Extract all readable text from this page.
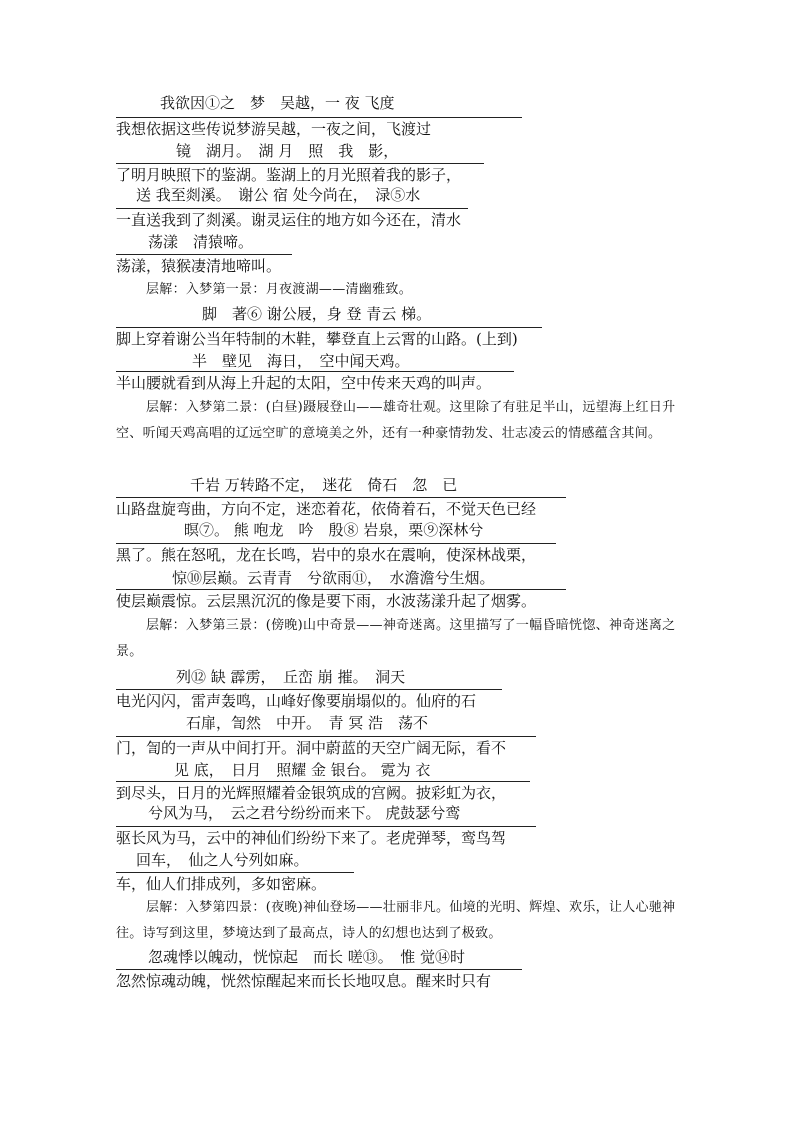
我欲因①之　梦　吴越，一 夜 飞度
我想依据这些传说梦游吴越，一夜之间，飞渡过
镜　湖月。　湖 月　照　我　影，
了明月映照下的鉴湖。鉴湖上的月光照着我的影子，
送 我至剡溪。　谢公 宿 处今尚在，　渌⑤水
一直送我到了剡溪。谢灵运住的地方如今还在，清水
荡漾　清猿啼。
荡漾，猿猴凄清地啼叫。
层解：入梦第一景：月夜渡湖——清幽雅致。
脚　著⑥ 谢公屐，身 登 青云 梯。
脚上穿着谢公当年特制的木鞋，攀登直上云霄的山路。(上到)
半　壁见　海日，　空中闻天鸡。
半山腰就看到从海上升起的太阳，空中传来天鸡的叫声。
层解：入梦第二景：(白昼)蹑屐登山——雄奇壮观。这里除了有驻足半山，远望海上红日升空、听闻天鸡高唱的辽远空旷的意境美之外，还有一种豪情勃发、壮志凌云的情感蕴含其间。
千岩 万转路不定，　迷花　倚石　忽　已
山路盘旋弯曲，方向不定，迷恋着花，依倚着石，不觉天色已经
暝⑦。 熊 咆龙　吟　殷⑧ 岩泉，栗⑨深林兮
黑了。熊在怒吼，龙在长鸣，岩中的泉水在震响，使深林战栗，
惊⑩层巅。云青青　兮欲雨⑪，　水澹澹兮生烟。
使层巅震惊。云层黑沉沉的像是要下雨，水波荡漾升起了烟雾。
层解：入梦第三景：(傍晚)山中奇景——神奇迷离。这里描写了一幅昏暗恍惚、神奇迷离之景。
列⑫ 缺 霹雳，　丘峦 崩 摧。　洞天
电光闪闪，雷声轰鸣，山峰好像要崩塌似的。仙府的石
石扉，訇然　中开。　青 冥 浩　荡不
门，訇的一声从中间打开。洞中蔚蓝的天空广阔无际，看不
见 底，　日月　照耀 金 银台。 霓为 衣
到尽头，日月的光辉照耀着金银筑成的宫阙。披彩虹为衣，
兮风为马，　云之君兮纷纷而来下。 虎鼓瑟兮鸾
驱长风为马，云中的神仙们纷纷下来了。老虎弹琴，鸾鸟驾
回车，　仙之人兮列如麻。
车，仙人们排成列，多如密麻。
层解：入梦第四景：(夜晚)神仙登场——壮丽非凡。仙境的光明、辉煌、欢乐，让人心驰神往。诗写到这里，梦境达到了最高点，诗人的幻想也达到了极致。
忽魂悸以魄动，恍惊起　而长 嗟⑬。　惟 觉⑭时
忽然惊魂动魄，恍然惊醒起来而长长地叹息。醒来时只有
